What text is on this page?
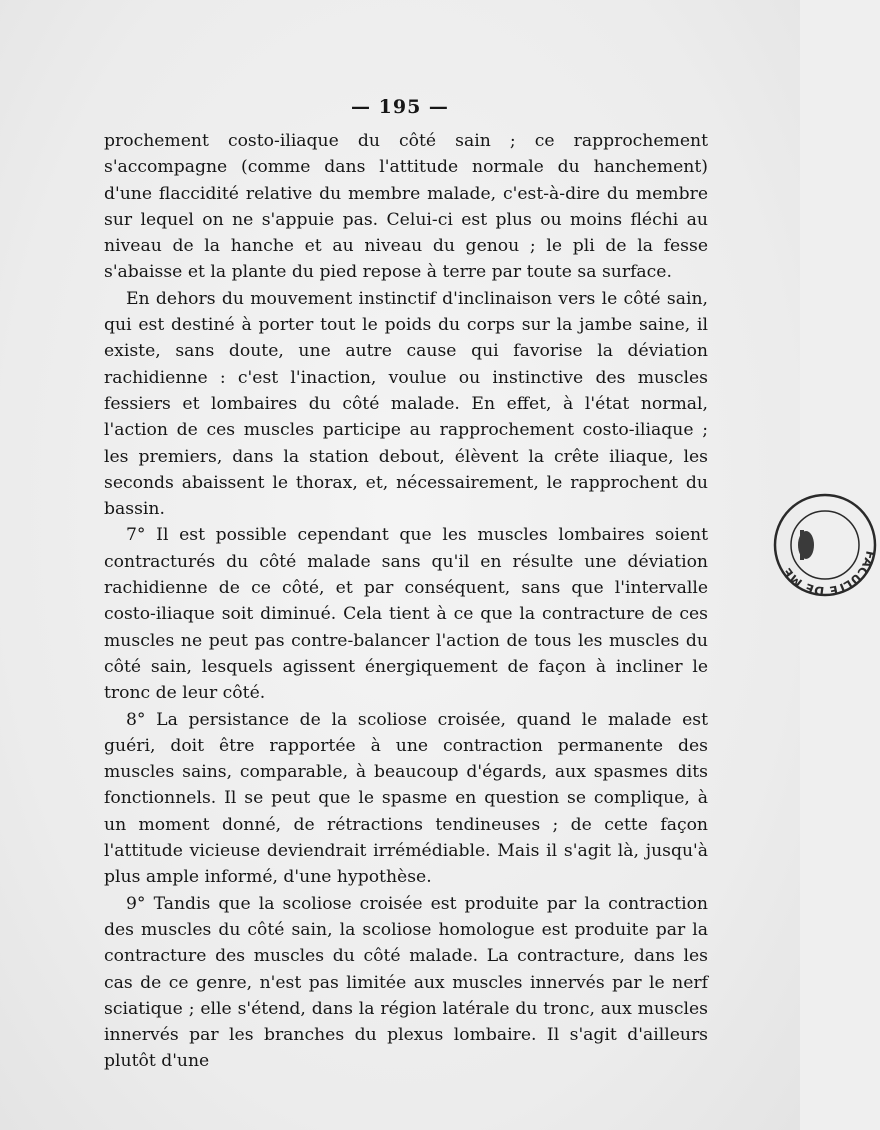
— 195 —

prochement costo-iliaque du côté sain ; ce rapprochement s'accompagne (comme dans l'attitude normale du hanchement) d'une flaccidité relative du membre malade, c'est-à-dire du membre sur lequel on ne s'appuie pas. Celui-ci est plus ou moins fléchi au niveau de la hanche et au niveau du genou ; le pli de la fesse s'abaisse et la plante du pied repose à terre par toute sa surface.

En dehors du mouvement instinctif d'inclinaison vers le côté sain, qui est destiné à porter tout le poids du corps sur la jambe saine, il existe, sans doute, une autre cause qui favorise la déviation rachidienne : c'est l'inaction, voulue ou instinctive des muscles fessiers et lombaires du côté malade. En effet, à l'état normal, l'action de ces muscles participe au rapprochement costo-iliaque ; les premiers, dans la station debout, élèvent la crête iliaque, les seconds abaissent le thorax, et, nécessairement, le rapprochent du bassin.

7° Il est possible cependant que les muscles lombaires soient contracturés du côté malade sans qu'il en résulte une déviation rachidienne de ce côté, et par conséquent, sans que l'intervalle costo-iliaque soit diminué. Cela tient à ce que la contracture de ces muscles ne peut pas contre-balancer l'action de tous les muscles du côté sain, lesquels agissent énergiquement de façon à incliner le tronc de leur côté.

8° La persistance de la scoliose croisée, quand le malade est guéri, doit être rapportée à une contraction permanente des muscles sains, comparable, à beaucoup d'égards, aux spasmes dits fonctionnels. Il se peut que le spasme en question se complique, à un moment donné, de rétractions tendineuses ; de cette façon l'attitude vicieuse deviendrait irrémédiable. Mais il s'agit là, jusqu'à plus ample informé, d'une hypothèse.

9° Tandis que la scoliose croisée est produite par la contraction des muscles du côté sain, la scoliose homologue est produite par la contracture des muscles du côté malade. La contracture, dans les cas de ce genre, n'est pas limitée aux muscles innervés par le nerf sciatique ; elle s'étend, dans la région latérale du tronc, aux muscles innervés par les branches du plexus lombaire. Il s'agit d'ailleurs plutôt d'une

FACULTE DE ME
